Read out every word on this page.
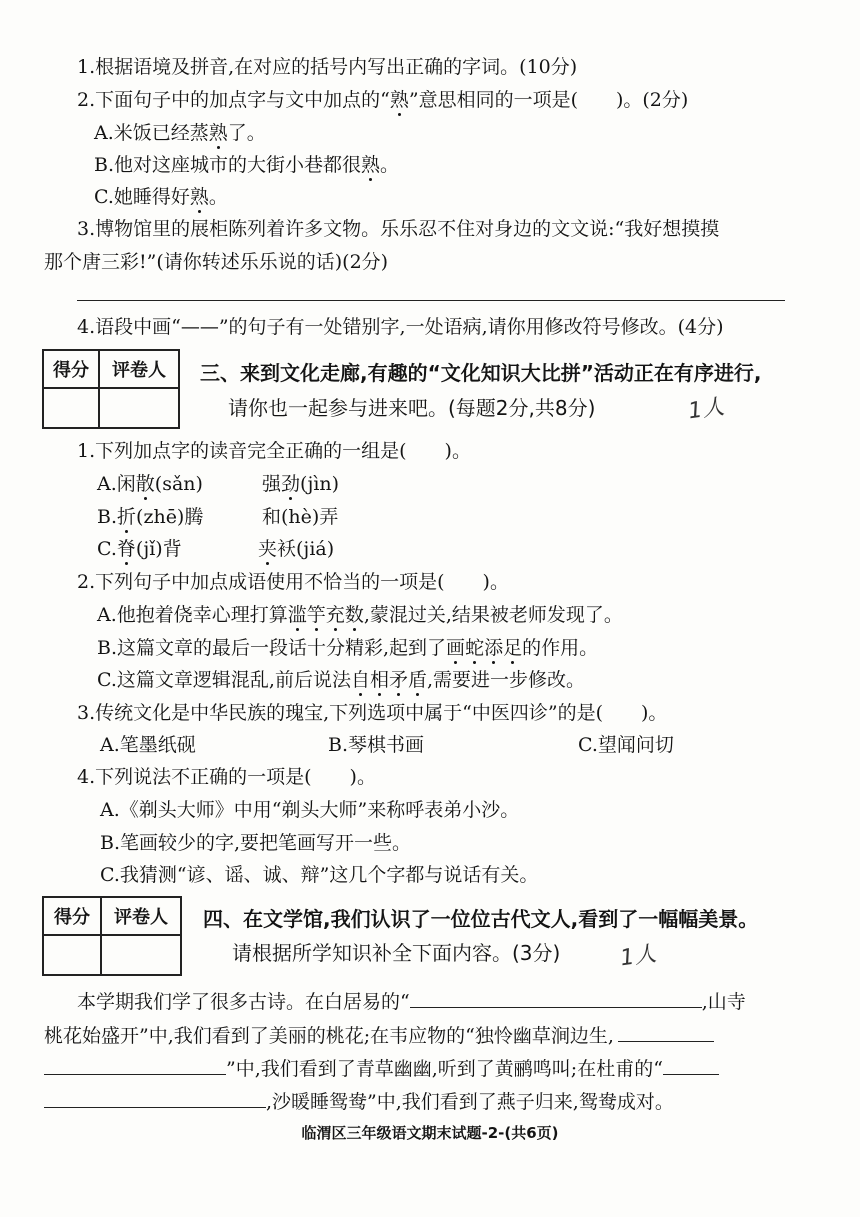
1.根据语境及拼音,在对应的括号内写出正确的字词。(10分)
2.下面句子中的加点字与文中加点的“熟”意思相同的一项是(　　)。(2分)
A.米饭已经蒸熟了。
B.他对这座城市的大街小巷都很熟。
C.她睡得好熟。
3.博物馆里的展柜陈列着许多文物。乐乐忍不住对身边的文文说:“我好想摸摸
那个唐三彩!”(请你转述乐乐说的话)(2分)
4.语段中画“——”的句子有一处错别字,一处语病,请你用修改符号修改。(4分)
得分	评卷人
	三、来到文化走廊,有趣的“文化知识大比拼”活动正在有序进行,
请你也一起参与进来吧。(每题2分,共8分)	1人
1.下列加点字的读音完全正确的一组是(　　)。
A.闲散(sǎn)	强劲(jìn)
B.折(zhē)腾	和(hè)弄
C.脊(jǐ)背	夹袄(jiá)
2.下列句子中加点成语使用不恰当的一项是(　　)。
A.他抱着侥幸心理打算滥竽充数,蒙混过关,结果被老师发现了。
B.这篇文章的最后一段话十分精彩,起到了画蛇添足的作用。
C.这篇文章逻辑混乱,前后说法自相矛盾,需要进一步修改。
3.传统文化是中华民族的瑰宝,下列选项中属于“中医四诊”的是(　　)。
A.笔墨纸砚	B.琴棋书画	C.望闻问切
4.下列说法不正确的一项是(　　)。
A.《剃头大师》中用“剃头大师”来称呼表弟小沙。
B.笔画较少的字,要把笔画写开一些。
C.我猜测“谚、谣、诚、辩”这几个字都与说话有关。
得分	评卷人
	四、在文学馆,我们认识了一位位古代文人,看到了一幅幅美景。
请根据所学知识补全下面内容。(3分)	1人
本学期我们学了很多古诗。在白居易的“	,山寺
桃花始盛开”中,我们看到了美丽的桃花;在韦应物的“独怜幽草涧边生,
”中,我们看到了青草幽幽,听到了黄鹂鸣叫;在杜甫的“
,沙暖睡鸳鸯”中,我们看到了燕子归来,鸳鸯成对。
临渭区三年级语文期末试题-2-(共6页)
